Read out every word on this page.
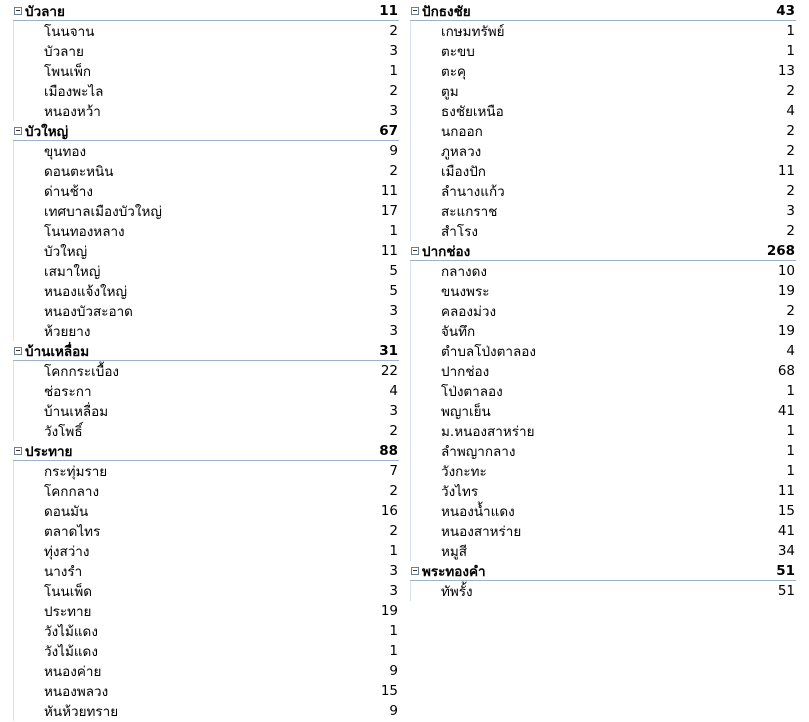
บัวลาย	11
โนนจาน	2
บัวลาย	3
โพนเพ็ก	1
เมืองพะไล	2
หนองหว้า	3
บัวใหญ่	67
ขุนทอง	9
ดอนตะหนิน	2
ด่านช้าง	11
เทศบาลเมืองบัวใหญ่	17
โนนทองหลาง	1
บัวใหญ่	11
เสมาใหญ่	5
หนองแจ้งใหญ่	5
หนองบัวสะอาด	3
ห้วยยาง	3
บ้านเหลื่อม	31
โคกกระเบื้อง	22
ช่อระกา	4
บ้านเหลื่อม	3
วังโพธิ์	2
ประทาย	88
กระทุ่มราย	7
โคกกลาง	2
ดอนมัน	16
ตลาดไทร	2
ทุ่งสว่าง	1
นางรำ	3
โนนเพ็ด	3
ประทาย	19
วังไม้แดง	1
วังไม้แดง	1
หนองค่าย	9
หนองพลวง	15
หันห้วยทราย	9
ปักธงชัย	43
เกษมทรัพย์	1
ตะขบ	1
ตะคุ	13
ตูม	2
ธงชัยเหนือ	4
นกออก	2
ภูหลวง	2
เมืองปัก	11
ลำนางแก้ว	2
สะแกราช	3
สำโรง	2
ปากช่อง	268
กลางดง	10
ขนงพระ	19
คลองม่วง	2
จันทึก	19
ตำบลโป่งตาลอง	4
ปากช่อง	68
โป่งตาลอง	1
พญาเย็น	41
ม.หนองสาหร่าย	1
ลำพญากลาง	1
วังกะทะ	1
วังไทร	11
หนองน้ำแดง	15
หนองสาหร่าย	41
หมูสี	34
พระทองคำ	51
ทัพรั้ง	51
